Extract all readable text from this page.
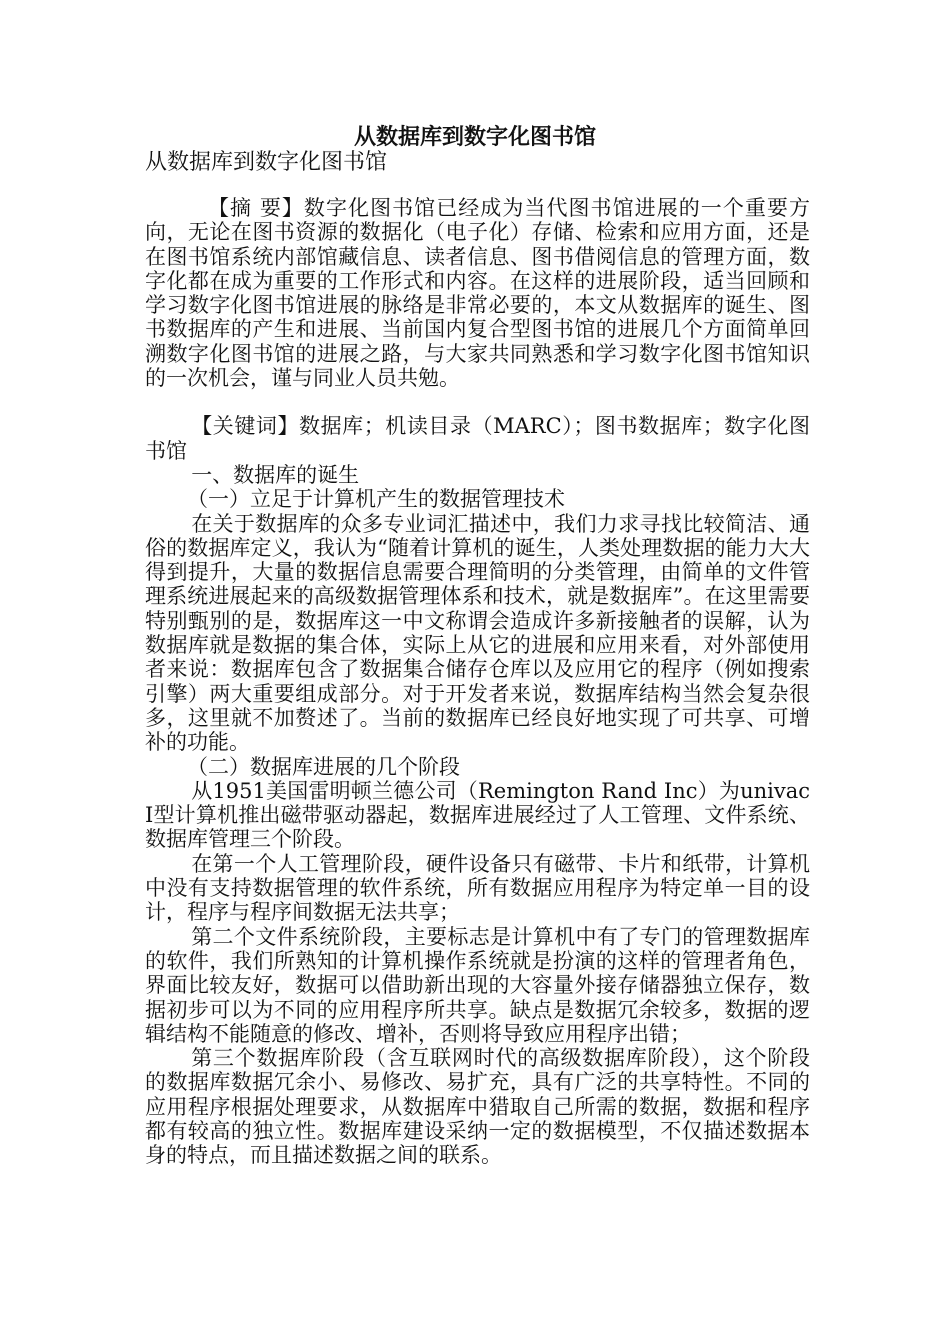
从数据库到数字化图书馆
从数据库到数字化图书馆

【摘 要】数字化图书馆已经成为当代图书馆进展的一个重要方向，无论在图书资源的数据化（电子化）存储、检索和应用方面，还是在图书馆系统内部馆藏信息、读者信息、图书借阅信息的管理方面，数字化都在成为重要的工作形式和内容。在这样的进展阶段，适当回顾和学习数字化图书馆进展的脉络是非常必要的，本文从数据库的诞生、图书数据库的产生和进展、当前国内复合型图书馆的进展几个方面简单回溯数字化图书馆的进展之路，与大家共同熟悉和学习数字化图书馆知识的一次机会，谨与同业人员共勉。

【关键词】数据库；机读目录（MARC）；图书数据库；数字化图书馆

一、数据库的诞生

（一）立足于计算机产生的数据管理技术

在关于数据库的众多专业词汇描述中，我们力求寻找比较简洁、通俗的数据库定义，我认为“随着计算机的诞生，人类处理数据的能力大大得到提升，大量的数据信息需要合理简明的分类管理，由简单的文件管理系统进展起来的高级数据管理体系和技术，就是数据库”。在这里需要特别甄别的是，数据库这一中文称谓会造成许多新接触者的误解，认为数据库就是数据的集合体，实际上从它的进展和应用来看，对外部使用者来说：数据库包含了数据集合储存仓库以及应用它的程序（例如搜索引擎）两大重要组成部分。对于开发者来说，数据库结构当然会复杂很多，这里就不加赘述了。当前的数据库已经良好地实现了可共享、可增补的功能。

（二）数据库进展的几个阶段

从1951美国雷明顿兰德公司（Remington Rand Inc）为univac I型计算机推出磁带驱动器起，数据库进展经过了人工管理、文件系统、数据库管理三个阶段。

在第一个人工管理阶段，硬件设备只有磁带、卡片和纸带，计算机中没有支持数据管理的软件系统，所有数据应用程序为特定单一目的设计，程序与程序间数据无法共享；

第二个文件系统阶段，主要标志是计算机中有了专门的管理数据库的软件，我们所熟知的计算机操作系统就是扮演的这样的管理者角色，界面比较友好，数据可以借助新出现的大容量外接存储器独立保存，数据初步可以为不同的应用程序所共享。缺点是数据冗余较多，数据的逻辑结构不能随意的修改、增补，否则将导致应用程序出错；

第三个数据库阶段（含互联网时代的高级数据库阶段），这个阶段的数据库数据冗余小、易修改、易扩充，具有广泛的共享特性。不同的应用程序根据处理要求，从数据库中猎取自己所需的数据，数据和程序都有较高的独立性。数据库建设采纳一定的数据模型，不仅描述数据本身的特点，而且描述数据之间的联系。
